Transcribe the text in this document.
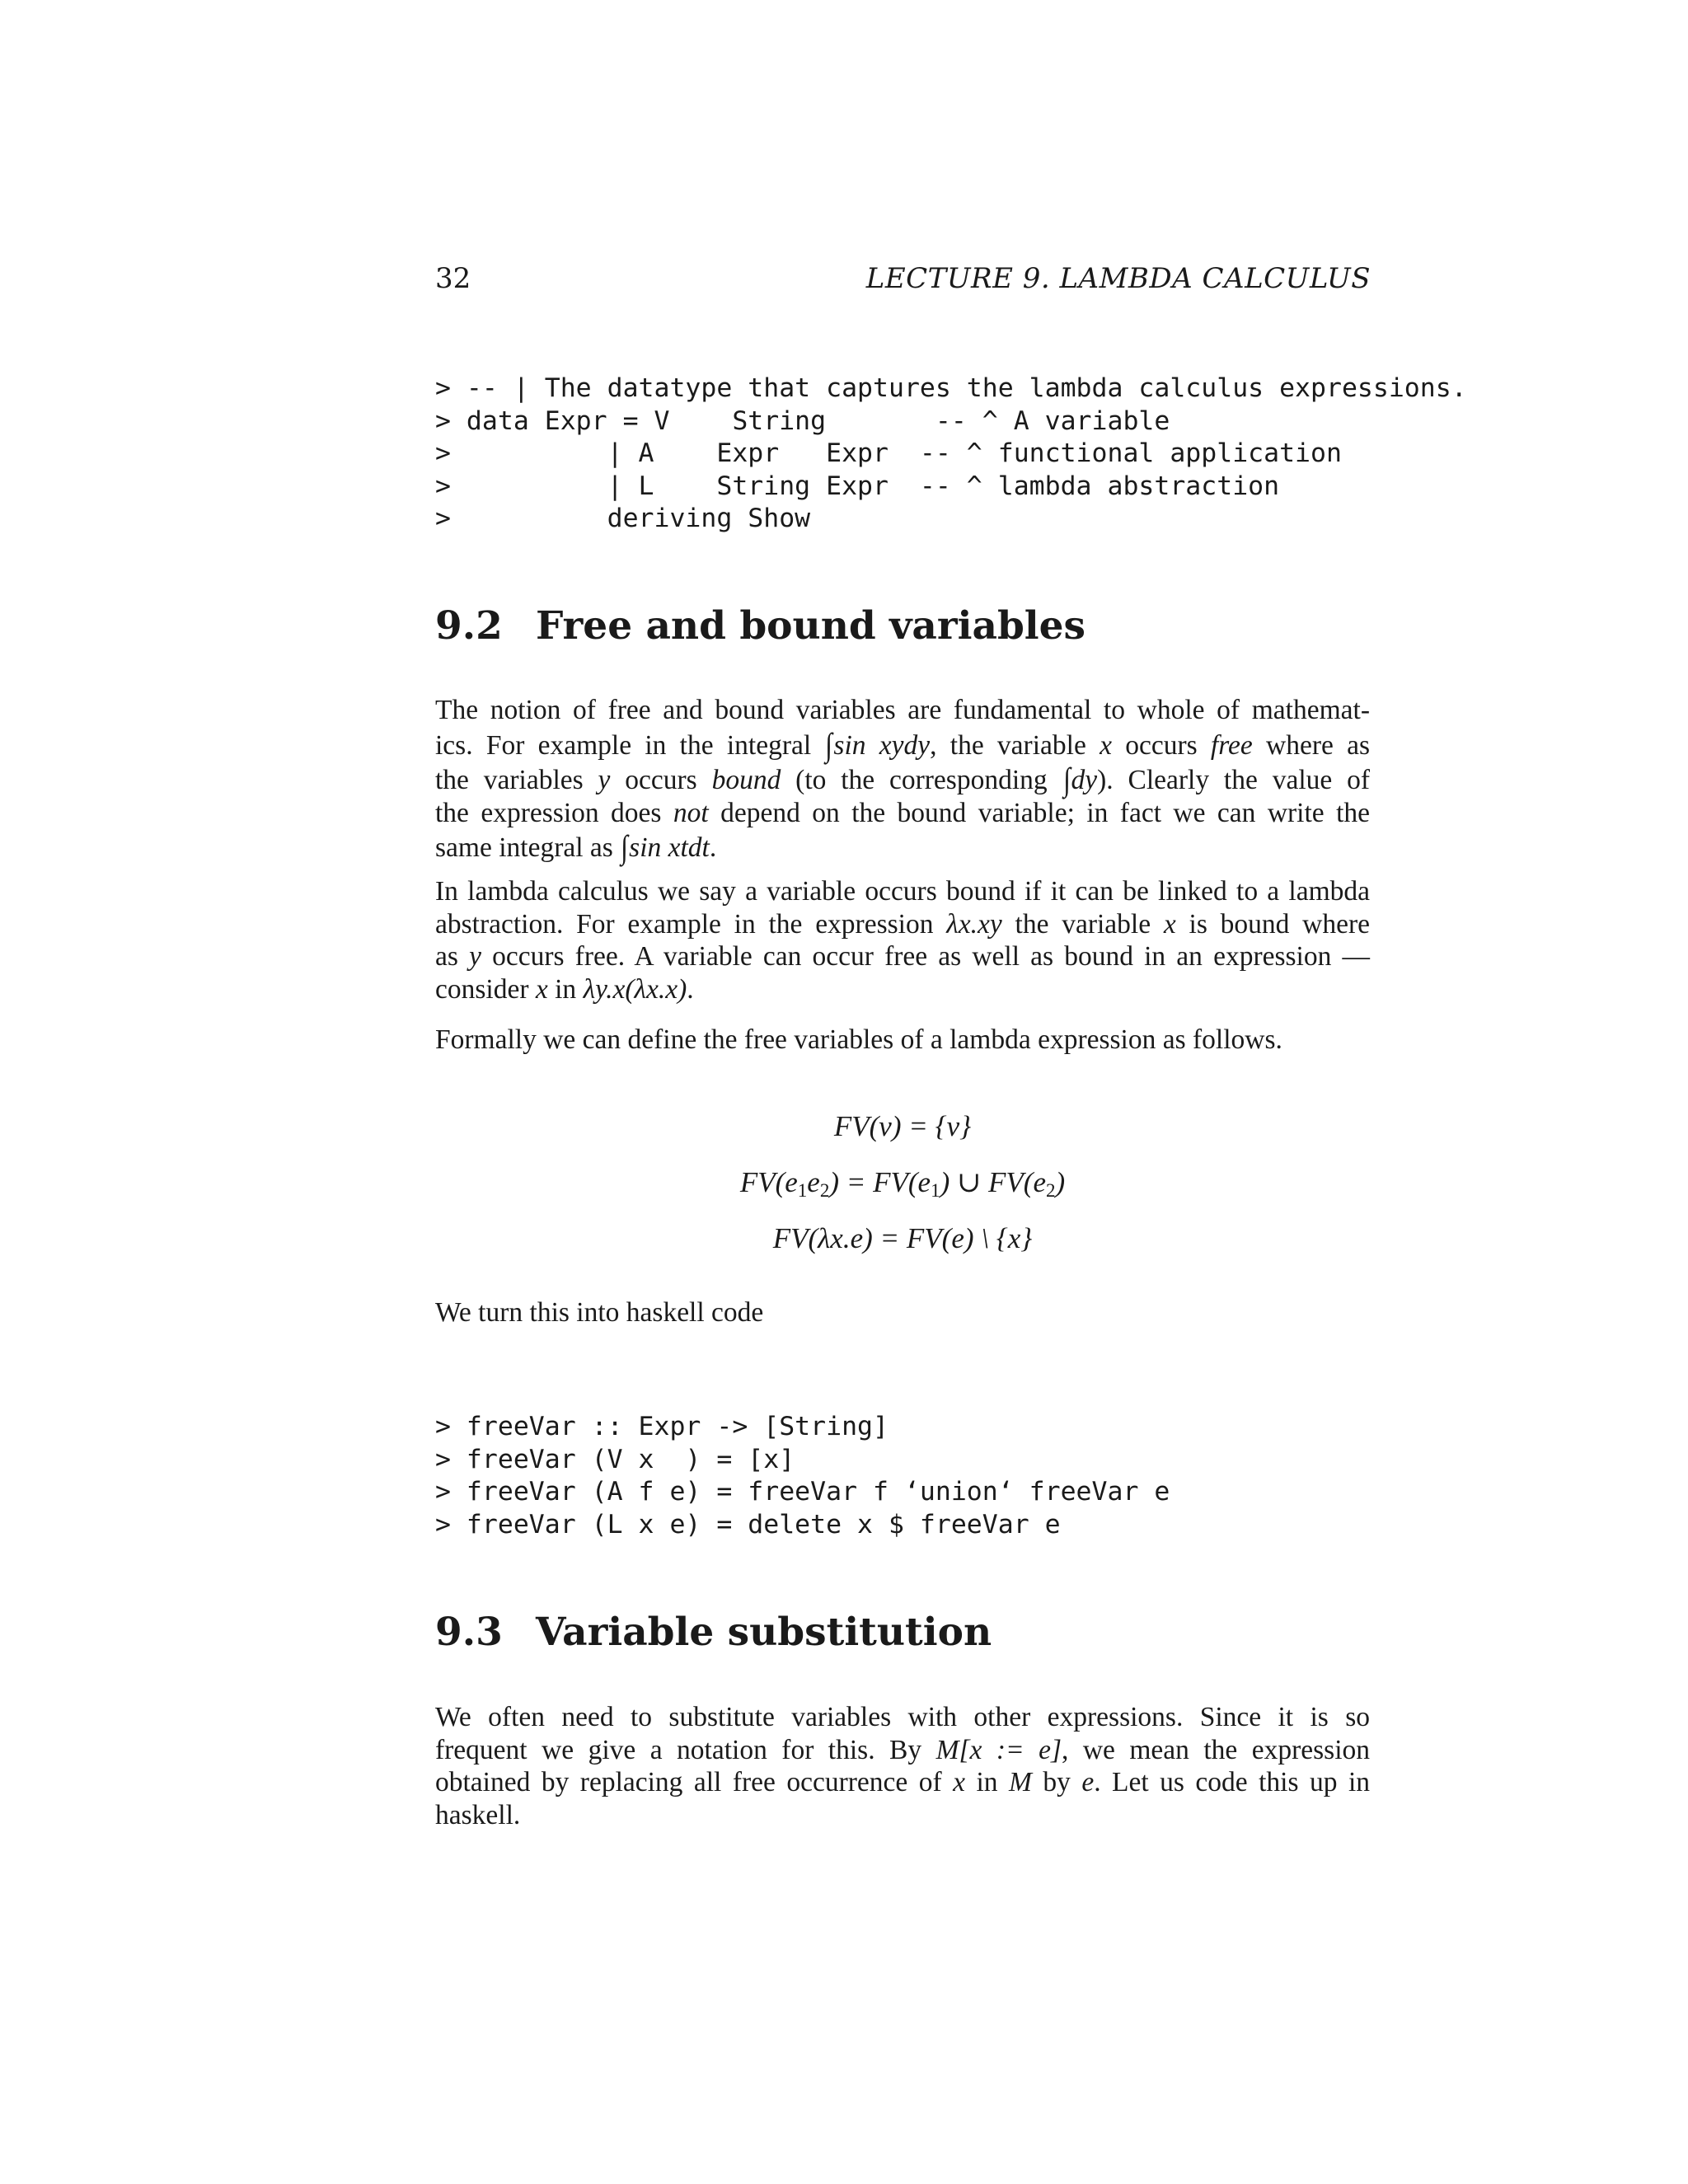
32	LECTURE 9. LAMBDA CALCULUS
> -- | The datatype that captures the lambda calculus expressions.
> data Expr = V    String       -- ^ A variable
>          | A    Expr   Expr  -- ^ functional application
>          | L    String Expr  -- ^ lambda abstraction
>          deriving Show
9.2 Free and bound variables
The notion of free and bound variables are fundamental to whole of mathemat-
ics. For example in the integral ∫sin xydy, the variable x occurs free where as
the variables y occurs bound (to the corresponding ∫dy). Clearly the value of
the expression does not depend on the bound variable; in fact we can write the
same integral as ∫sin xtdt.
In lambda calculus we say a variable occurs bound if it can be linked to a lambda
abstraction. For example in the expression λx.xy the variable x is bound where
as y occurs free. A variable can occur free as well as bound in an expression —
consider x in λy.x(λx.x).
Formally we can define the free variables of a lambda expression as follows.
FV(v) = {v}
$FV(e_1e_2) = FV(e_1)$ ∪ $FV(e_2)$
FV(λx.e) = FV(e) \ {x}
We turn this into haskell code
> freeVar :: Expr -> [String]
> freeVar (V x  ) = [x]
> freeVar (A f e) = freeVar f ‘union‘ freeVar e
> freeVar (L x e) = delete x $ freeVar e
9.3 Variable substitution
We often need to substitute variables with other expressions. Since it is so
frequent we give a notation for this. By M[x := e], we mean the expression
obtained by replacing all free occurrence of x in M by e. Let us code this up in
haskell.
